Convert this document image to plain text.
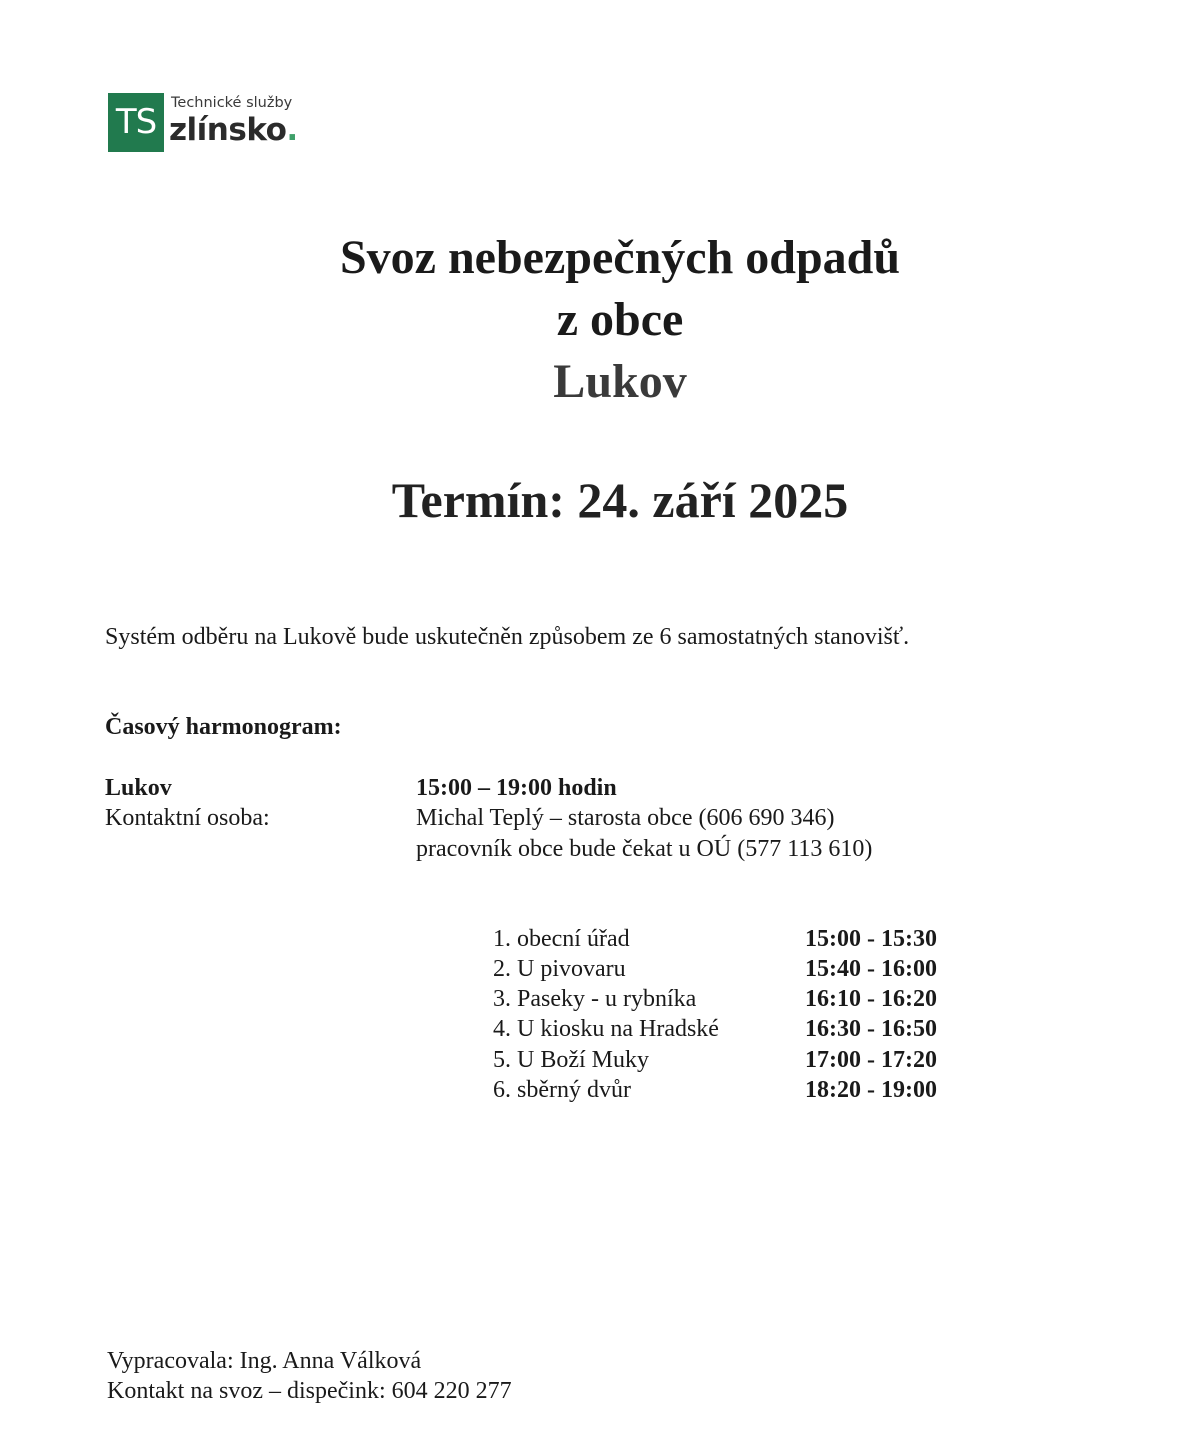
TS	Technické služby
zlínsko.
Svoz nebezpečných odpadů
z obce
Lukov
Termín: 24. září 2025
Systém odběru na Lukově bude uskutečněn způsobem ze 6 samostatných stanovišť.
Časový harmonogram:
Lukov	15:00 – 19:00 hodin
Kontaktní osoba:	Michal Teplý – starosta obce (606 690 346)
pracovník obce bude čekat u OÚ (577 113 610)
1. obecní úřad	15:00 - 15:30
2. U pivovaru	15:40 - 16:00
3. Paseky - u rybníka	16:10 - 16:20
4. U kiosku na Hradské	16:30 - 16:50
5. U Boží Muky	17:00 - 17:20
6. sběrný dvůr	18:20 - 19:00
Vypracovala: Ing. Anna Válková
Kontakt na svoz – dispečink: 604 220 277
